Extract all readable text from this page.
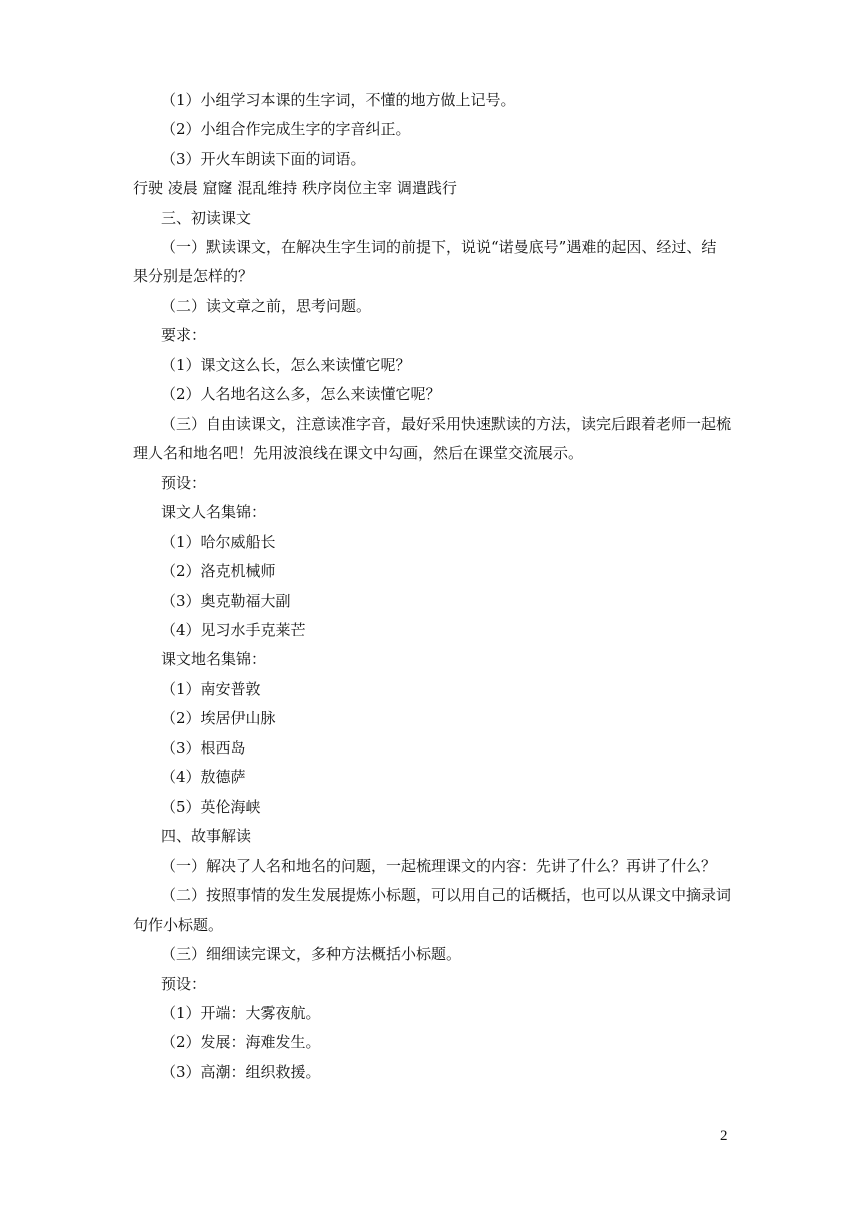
（1）小组学习本课的生字词，不懂的地方做上记号。
（2）小组合作完成生字的字音纠正。
（3）开火车朗读下面的词语。
行驶 凌晨 窟窿 混乱维持 秩序岗位主宰 调遣践行
三、初读课文
（一）默读课文，在解决生字生词的前提下，说说“诺曼底号”遇难的起因、经过、结
果分别是怎样的？
（二）读文章之前，思考问题。
要求：
（1）课文这么长，怎么来读懂它呢？
（2）人名地名这么多，怎么来读懂它呢？
（三）自由读课文，注意读准字音，最好采用快速默读的方法，读完后跟着老师一起梳
理人名和地名吧！先用波浪线在课文中勾画，然后在课堂交流展示。
预设：
课文人名集锦：
（1）哈尔威船长
（2）洛克机械师
（3）奥克勒福大副
（4）见习水手克莱芒
课文地名集锦：
（1）南安普敦
（2）埃居伊山脉
（3）根西岛
（4）敖德萨
（5）英伦海峡
四、故事解读
（一）解决了人名和地名的问题，一起梳理课文的内容：先讲了什么？再讲了什么？
（二）按照事情的发生发展提炼小标题，可以用自己的话概括，也可以从课文中摘录词
句作小标题。
（三）细细读完课文，多种方法概括小标题。
预设：
（1）开端：大雾夜航。
（2）发展：海难发生。
（3）高潮：组织救援。
2
